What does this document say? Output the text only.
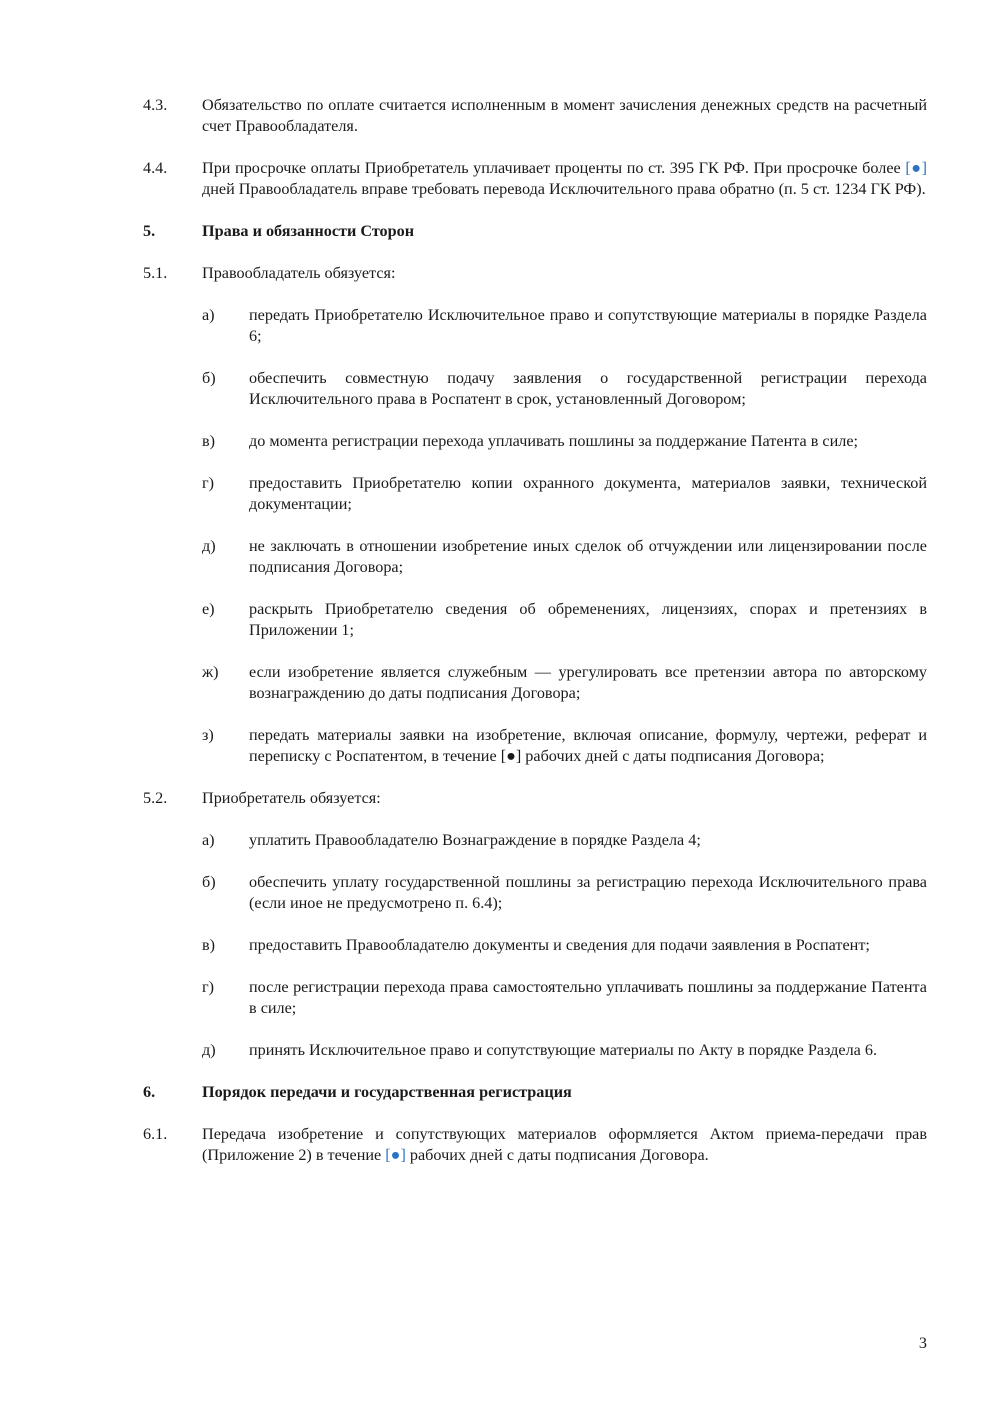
4.3.	Обязательство по оплате считается исполненным в момент зачисления денежных средств на расчетный счет Правообладателя.
4.4.	При просрочке оплаты Приобретатель уплачивает проценты по ст. 395 ГК РФ. При просрочке более [●] дней Правообладатель вправе требовать перевода Исключительного права обратно (п. 5 ст. 1234 ГК РФ).
5.	Права и обязанности Сторон
5.1.	Правообладатель обязуется:
а)	передать Приобретателю Исключительное право и сопутствующие материалы в порядке Раздела 6;
б)	обеспечить совместную подачу заявления о государственной регистрации перехода Исключительного права в Роспатент в срок, установленный Договором;
в)	до момента регистрации перехода уплачивать пошлины за поддержание Патента в силе;
г)	предоставить Приобретателю копии охранного документа, материалов заявки, технической документации;
д)	не заключать в отношении изобретение иных сделок об отчуждении или лицензировании после подписания Договора;
е)	раскрыть Приобретателю сведения об обременениях, лицензиях, спорах и претензиях в Приложении 1;
ж)	если изобретение является служебным — урегулировать все претензии автора по авторскому вознаграждению до даты подписания Договора;
з)	передать материалы заявки на изобретение, включая описание, формулу, чертежи, реферат и переписку с Роспатентом, в течение [●] рабочих дней с даты подписания Договора;
5.2.	Приобретатель обязуется:
а)	уплатить Правообладателю Вознаграждение в порядке Раздела 4;
б)	обеспечить уплату государственной пошлины за регистрацию перехода Исключительного права (если иное не предусмотрено п. 6.4);
в)	предоставить Правообладателю документы и сведения для подачи заявления в Роспатент;
г)	после регистрации перехода права самостоятельно уплачивать пошлины за поддержание Патента в силе;
д)	принять Исключительное право и сопутствующие материалы по Акту в порядке Раздела 6.
6.	Порядок передачи и государственная регистрация
6.1.	Передача изобретение и сопутствующих материалов оформляется Актом приема-передачи прав (Приложение 2) в течение [●] рабочих дней с даты подписания Договора.
3
